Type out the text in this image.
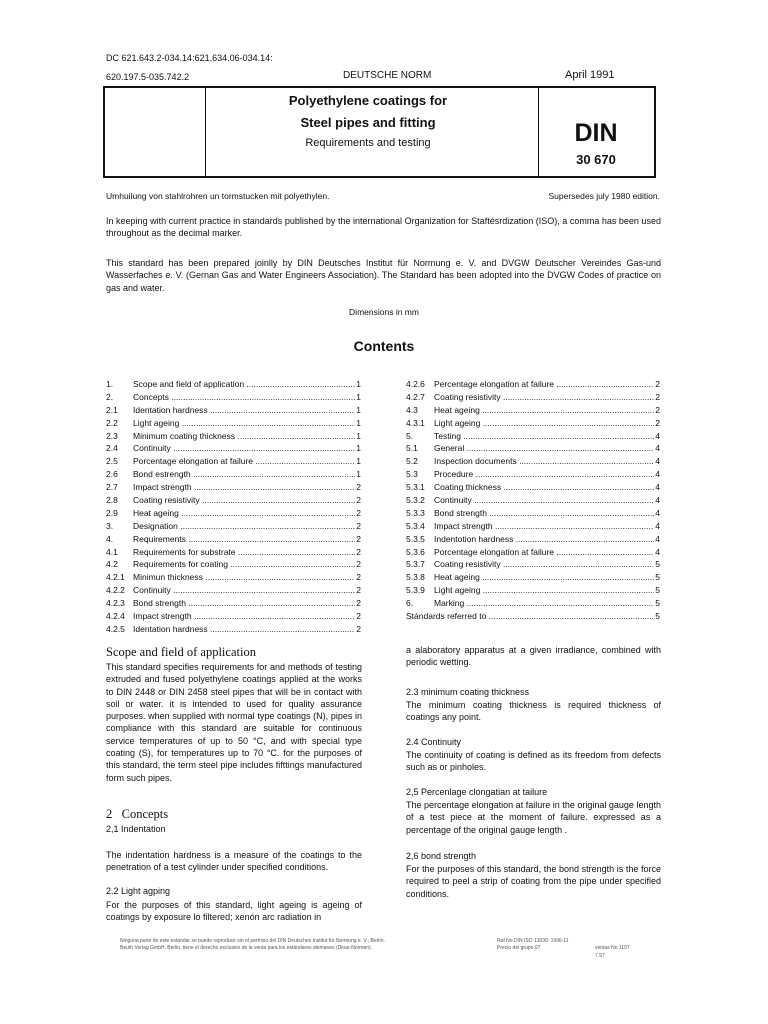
DC 621.643.2-034.14:621.634.06-034.14:
620.197.5-035.742.2	DEUTSCHE NORM	April 1991
Polyethylene coatings for
Steel pipes and fitting
Requirements and testing	DIN
30 670
Umhuilung von stahlrohren un tormstucken mit polyethylen.	Supersedes july 1980 edition.
In keeping with current practice in standards published by the international Organization for Staftésrdization (ISO), a comma has been used throughout as the decimal marker.
This standard has been prepared joinlly by DIN Deutsches Institut für Normung e. V. and DVGW Deutscher Vereindes Gas-und Wasserfaches e. V. (Gernan Gas and Water Engineers Association). The Standard has been adopted into the DVGW Codes of practice on gas and water.
Dimensions in mm
Contents
1.	Scope and field of application .....	1
2.	Concepts .....	1
2.1	Identation hardness .....	1
2.2	Light ageing .....	1
2.3	Minimum coating thickness .....	1
2.4	Continuity .....	1
2.5	Porcentage elongation at failure .....	1
2.6	Bond estrength .....	1
2.7	Impact strength .....	2
2.8	Coating resistivity .....	2
2.9	Heat ageing .....	2
3.	Designation .....	2
4.	Requirements .....	2
4.1	Requirements for substrate .....	2
4.2	Requirements for coating .....	2
4.2.1 Minimun thickness .....	2
4.2.2 Continuity .....	2
4.2.3 Bond strength .....	2
4.2.4 Impact strength .....	2
4.2.5 Identation hardness .....	2
4.2.6	Percentage elongation at failure .....	2
4.2.7	Coating resistivity .....	2
4.3	Heat ageing .....	2
4.3.1	Light ageing .....	2
5.	Testing .....	4
5.1	General .....	4
5.2	Inspection documents .....	4
5.3	Procedure .....	4
5.3.1	Coating thickness .....	4
5.3.2	Continuity .....	4
5.3.3	Bond strength .....	4
5.3.4	Impact strength .....	4
5.3.5	Indentotion hardness .....	4
5.3.6	Porcentage elongation at failure .....	4
5.3.7	Coating resistivity .....	5
5.3.8	Heat ageing .....	5
5.3.9	Light ageing .....	5
6.	Marking .....	5
Stándards referred to .....	5
Scope and field of application
This standard specifies requirements for and methods of testing extruded and fused polyethylene coatings applied at the works to DIN 2448 or DIN 2458 steel pipes that will be in contact with soil or water. it is intended to used for quality assurance purposes. when supplied with normal type coatings (N), pipes in compliance with this standard are suitable for continuous service temperatures of up to 50 °C, and with special type coating (S), for temperatures up to 70 °C. for the purposes of this standard, the term steel pipe includes fifttings manufactured form such pipes.
2 Concepts
2,1 Indentation
The indentation hardness is a measure of the coatings to the penetration of a test cylinder under specified conditions.
2.2 Light agping
For the purposes of this standard, light ageing is ageing of coatings by exposure lo filtered; xenón arc radiation in
a alaboratory apparatus at a given irradiance, combined with periodic wetting.
2.3 minimum coating thickness
The minimum coating thickness is required thickness of coatings any point.
2.4 Continuity
The continuity of coating is defined as its freedom from defects such as or pinholes.
2,5 Percenlage clongatian at tailure
The percentage elongation at failure in the original gauge length of a test piece at the moment of failure. expressed as a percentage of the original gauge length .
2,6 bond strength
For the purposes of this standard, the bond strength is the force required to peel a strip of coating from the pipe under specified conditions.
Ninguna parte de este estándar se puede reproducir sin el permiso del DIN Deutsches Institut für Normung e. V., Berlín.
Beuth Verlag GmbH, Berlin, tiene el derecho exclusivo de la venta para los estándares alemanes (Dinar-Normen).
Ref.No.DIN ISO 13030: 1996-11
Precio del grupo 07	ventas No 1107
7.97
